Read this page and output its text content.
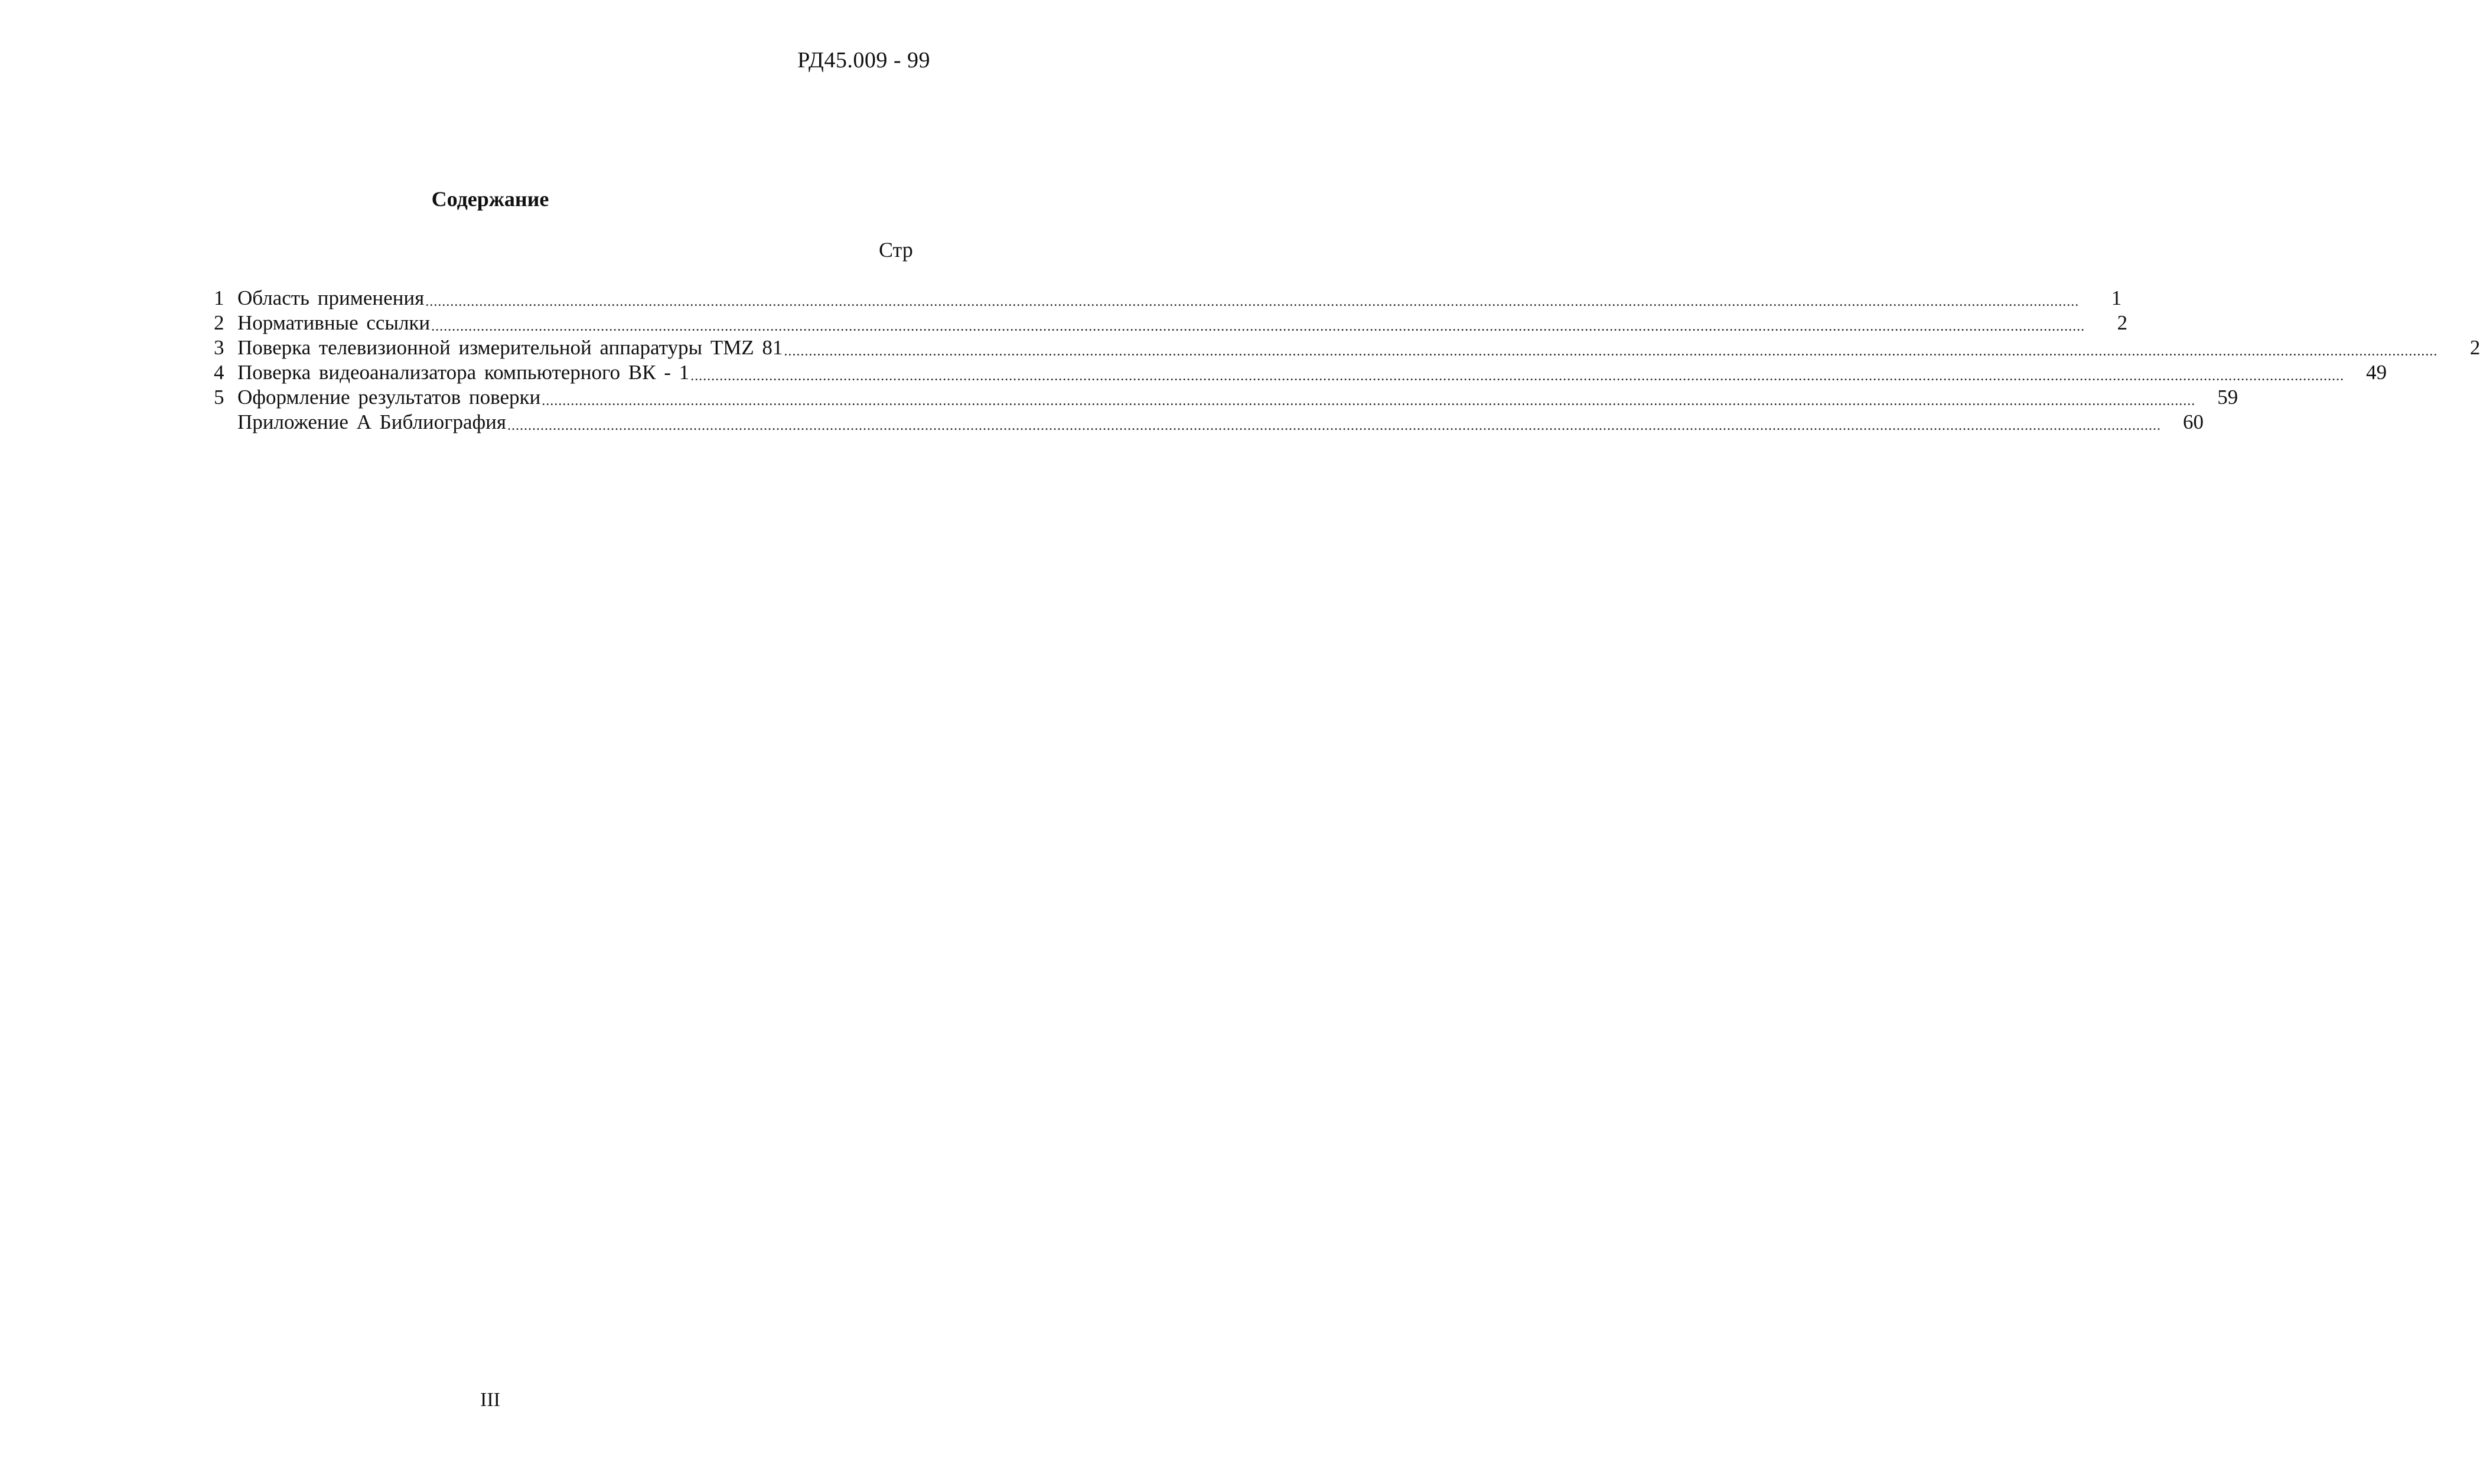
РД45.009 - 99
Содержание
Стр
1 Область применения ................................................................................................................................................................................................................................................................................................................................................................................................................	1
2 Нормативные ссылки ................................................................................................................................................................................................................................................................................................................................................................................................................	2
3 Поверка телевизионной измерительной аппаратуры TMZ 81 ................................................................................................................................................................................................................................................................................................................................................................................................................	2
4 Поверка видеоанализатора компьютерного ВК - 1 ................................................................................................................................................................................................................................................................................................................................................................................................................	49
5 Оформление результатов поверки ................................................................................................................................................................................................................................................................................................................................................................................................................	59
Приложение А Библиография ................................................................................................................................................................................................................................................................................................................................................................................................................	60
III
